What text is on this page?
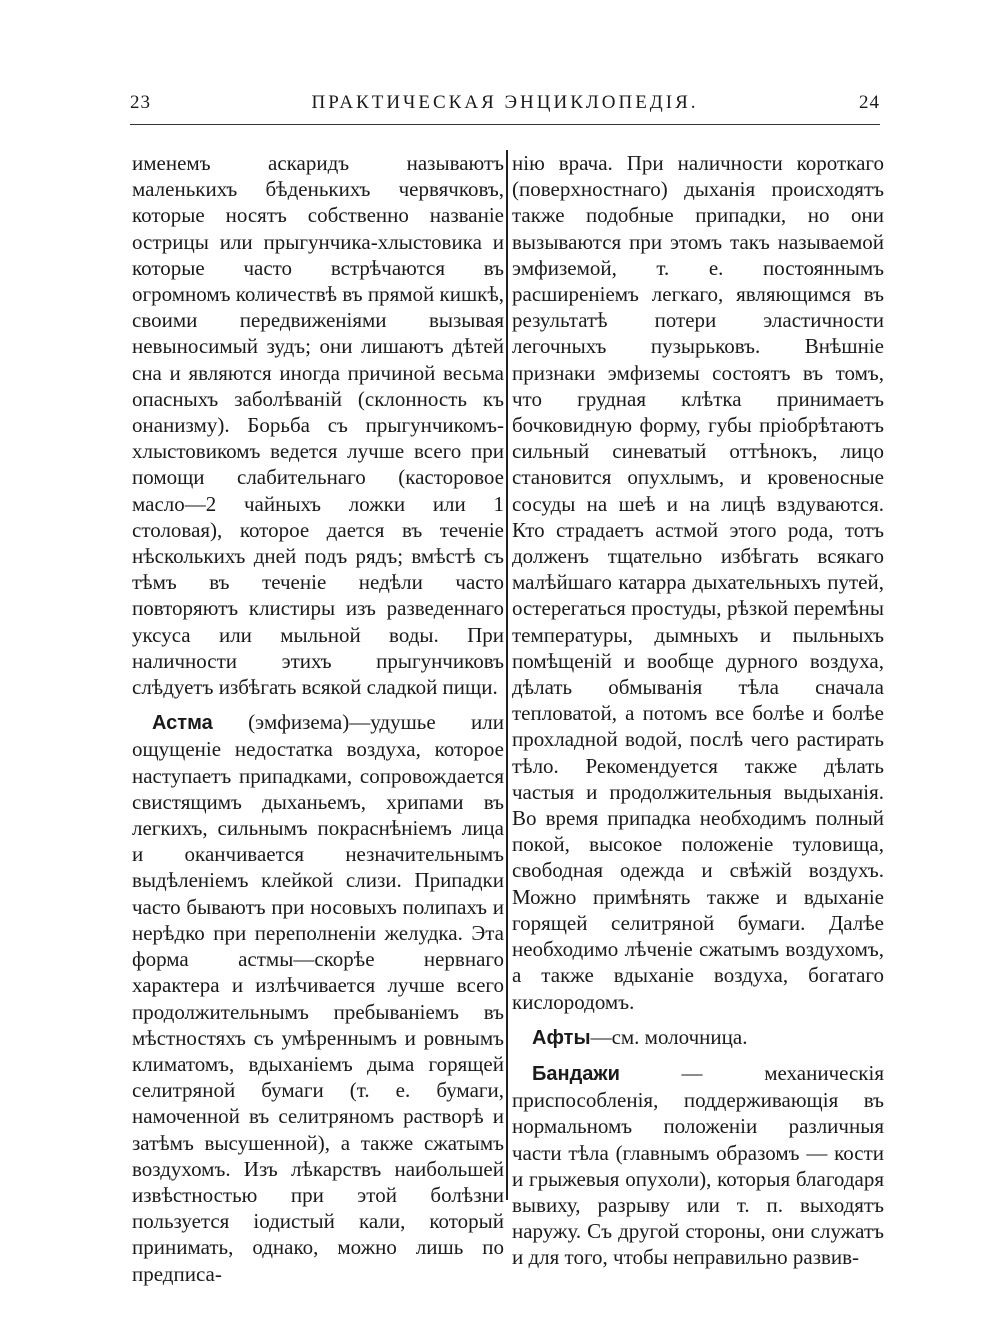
23	ПРАКТИЧЕСКАЯ ЭНЦИКЛОПЕДІЯ.	24

именемъ аскаридъ называютъ маленькихъ бѣденькихъ червячковъ, которые носятъ собственно названіе острицы или прыгунчика-хлыстовика и которые часто встрѣчаются въ огромномъ количествѣ въ прямой кишкѣ, своими передвиженіями вызывая невыносимый зудъ; они лишаютъ дѣтей сна и являются иногда причиной весьма опасныхъ заболѣваній (склонность къ онанизму). Борьба съ прыгунчикомъ-хлыстовикомъ ведется лучше всего при помощи слабительнаго (касторовое масло—2 чайныхъ ложки или 1 столовая), которое дается въ теченіе нѣсколькихъ дней подъ рядъ; вмѣстѣ съ тѣмъ въ теченіе недѣли часто повторяютъ клистиры изъ разведеннаго уксуса или мыльной воды. При наличности этихъ прыгунчиковъ слѣдуетъ избѣгать всякой сладкой пищи.

Астма (эмфизема)—удушье или ощущеніе недостатка воздуха, которое наступаетъ припадками, сопровождается свистящимъ дыханьемъ, хрипами въ легкихъ, сильнымъ покраснѣніемъ лица и оканчивается незначительнымъ выдѣленіемъ клейкой слизи. Припадки часто бываютъ при носовыхъ полипахъ и нерѣдко при переполненіи желудка. Эта форма астмы—скорѣе нервнаго характера и излѣчивается лучше всего продолжительнымъ пребываніемъ въ мѣстностяхъ съ умѣреннымъ и ровнымъ климатомъ, вдыханіемъ дыма горящей селитряной бумаги (т. е. бумаги, намоченной въ селитряномъ растворѣ и затѣмъ высушенной), а также сжатымъ воздухомъ. Изъ лѣкарствъ наибольшей извѣстностью при этой болѣзни пользуется іодистый кали, который принимать, однако, можно лишь по предписа-

нію врача. При наличности короткаго (поверхностнаго) дыханія происходятъ также подобные припадки, но они вызываются при этомъ такъ называемой эмфиземой, т. е. постояннымъ расширеніемъ легкаго, являющимся въ результатѣ потери эластичности легочныхъ пузырьковъ. Внѣшніе признаки эмфиземы состоятъ въ томъ, что грудная клѣтка принимаетъ бочковидную форму, губы пріобрѣтаютъ сильный синеватый оттѣнокъ, лицо становится опухлымъ, и кровеносные сосуды на шеѣ и на лицѣ вздуваются. Кто страдаетъ астмой этого рода, тотъ долженъ тщательно избѣгать всякаго малѣйшаго катарра дыхательныхъ путей, остерегаться простуды, рѣзкой перемѣны температуры, дымныхъ и пыльныхъ помѣщеній и вообще дурного воздуха, дѣлать обмыванія тѣла сначала тепловатой, а потомъ все болѣе и болѣе прохладной водой, послѣ чего растирать тѣло. Рекомендуется также дѣлать частыя и продолжительныя выдыханія. Во время припадка необходимъ полный покой, высокое положеніе туловища, свободная одежда и свѣжій воздухъ. Можно примѣнять также и вдыханіе горящей селитряной бумаги. Далѣе необходимо лѣченіе сжатымъ воздухомъ, а также вдыханіе воздуха, богатаго кислородомъ.

Афты—см. молочница.

Бандажи — механическія приспособленія, поддерживающія въ нормальномъ положеніи различныя части тѣла (главнымъ образомъ — кости и грыжевыя опухоли), которыя благодаря вывиху, разрыву или т. п. выходятъ наружу. Съ другой стороны, они служатъ и для того, чтобы неправильно развив-
